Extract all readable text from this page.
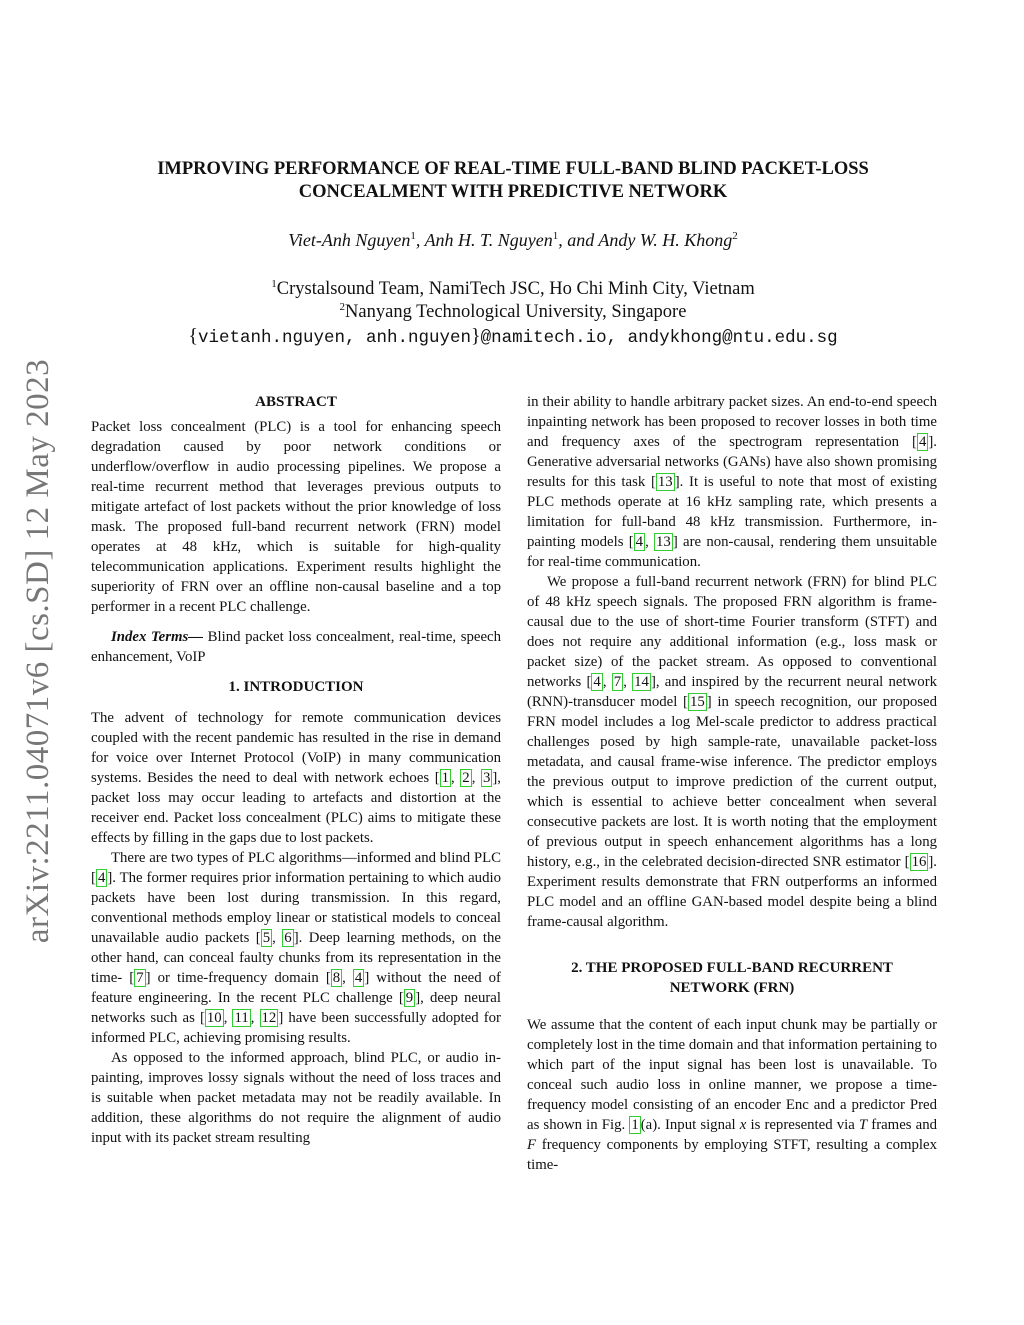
arXiv:2211.04071v6 [cs.SD] 12 May 2023
IMPROVING PERFORMANCE OF REAL-TIME FULL-BAND BLIND PACKET-LOSS
CONCEALMENT WITH PREDICTIVE NETWORK
Viet-Anh Nguyen$^1$, Anh H. T. Nguyen$^1$, and Andy W. H. Khong$^2$
$^1$Crystalsound Team, NamiTech JSC, Ho Chi Minh City, Vietnam
$^2$Nanyang Technological University, Singapore
{vietanh.nguyen, anh.nguyen}@namitech.io, andykhong@ntu.edu.sg
ABSTRACT

Packet loss concealment (PLC) is a tool for enhancing speech degradation caused by poor network conditions or underflow/overflow in audio processing pipelines. We propose a real-time recurrent method that leverages previous outputs to mitigate artefact of lost packets without the prior knowledge of loss mask. The proposed full-band recurrent network (FRN) model operates at 48 kHz, which is suitable for high-quality telecommunication applications. Experiment results highlight the superiority of FRN over an offline non-causal baseline and a top performer in a recent PLC challenge.

Index Terms— Blind packet loss concealment, real-time, speech enhancement, VoIP

1. INTRODUCTION

The advent of technology for remote communication devices coupled with the recent pandemic has resulted in the rise in demand for voice over Internet Protocol (VoIP) in many communication systems. Besides the need to deal with network echoes [ 1 , 2 , 3 ], packet loss may occur leading to artefacts and distortion at the receiver end. Packet loss concealment (PLC) aims to mitigate these effects by filling in the gaps due to lost packets.

There are two types of PLC algorithms—informed and blind PLC [ 4 ]. The former requires prior information pertaining to which audio packets have been lost during transmission. In this regard, conventional methods employ linear or statistical models to conceal unavailable audio packets [ 5 , 6 ]. Deep learning methods, on the other hand, can conceal faulty chunks from its representation in the time- [ 7 ] or time-frequency domain [ 8 , 4 ] without the need of feature engineering. In the recent PLC challenge [ 9 ], deep neural networks such as [ 10 , 11 , 12 ] have been successfully adopted for informed PLC, achieving promising results.

As opposed to the informed approach, blind PLC, or audio in-painting, improves lossy signals without the need of loss traces and is suitable when packet metadata may not be readily available. In addition, these algorithms do not require the alignment of audio input with its packet stream resulting

in their ability to handle arbitrary packet sizes. An end-to-end speech inpainting network has been proposed to recover losses in both time and frequency axes of the spectrogram representation [ 4 ]. Generative adversarial networks (GANs) have also shown promising results for this task [ 13 ]. It is useful to note that most of existing PLC methods operate at 16 kHz sampling rate, which presents a limitation for full-band 48 kHz transmission. Furthermore, in-painting models [ 4 , 13 ] are non-causal, rendering them unsuitable for real-time communication.

We propose a full-band recurrent network (FRN) for blind PLC of 48 kHz speech signals. The proposed FRN algorithm is frame-causal due to the use of short-time Fourier transform (STFT) and does not require any additional information (e.g., loss mask or packet size) of the packet stream. As opposed to conventional networks [ 4 , 7 , 14 ], and inspired by the recurrent neural network (RNN)-transducer model [ 15 ] in speech recognition, our proposed FRN model includes a log Mel-scale predictor to address practical challenges posed by high sample-rate, unavailable packet-loss metadata, and causal frame-wise inference. The predictor employs the previous output to improve prediction of the current output, which is essential to achieve better concealment when several consecutive packets are lost. It is worth noting that the employment of previous output in speech enhancement algorithms has a long history, e.g., in the celebrated decision-directed SNR estimator [ 16 ]. Experiment results demonstrate that FRN outperforms an informed PLC model and an offline GAN-based model despite being a blind frame-causal algorithm.

2. THE PROPOSED FULL-BAND RECURRENT
NETWORK (FRN)

We assume that the content of each input chunk may be partially or completely lost in the time domain and that information pertaining to which part of the input signal has been lost is unavailable. To conceal such audio loss in online manner, we propose a time-frequency model consisting of an encoder Enc and a predictor Pred as shown in Fig. 1 (a). Input signal x is represented via T frames and F frequency components by employing STFT, resulting a complex time-
